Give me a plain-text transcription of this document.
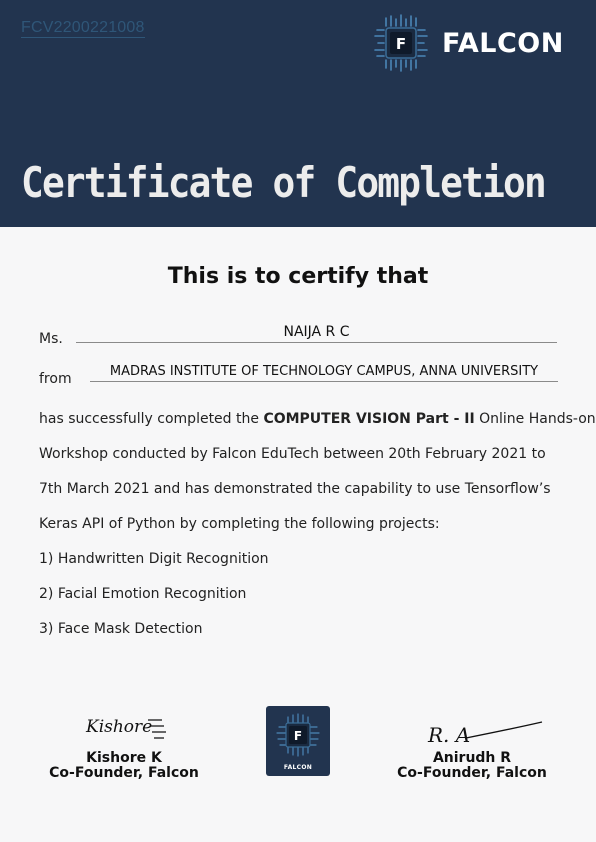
FCV2200221008
F FALCON
Certificate of Completion
This is to certify that
Ms.	NAIJA R C
from	MADRAS INSTITUTE OF TECHNOLOGY CAMPUS, ANNA UNIVERSITY
has successfully completed the COMPUTER VISION Part - II Online Hands-on
Workshop conducted by Falcon EduTech between 20th February 2021 to
7th March 2021 and has demonstrated the capability to use Tensorflow’s
Keras API of Python by completing the following projects:
1) Handwritten Digit Recognition
2) Facial Emotion Recognition
3) Face Mask Detection
Kishore
Kishore K
Co-Founder, Falcon
F
FALCON
R. A
Anirudh R
Co-Founder, Falcon
